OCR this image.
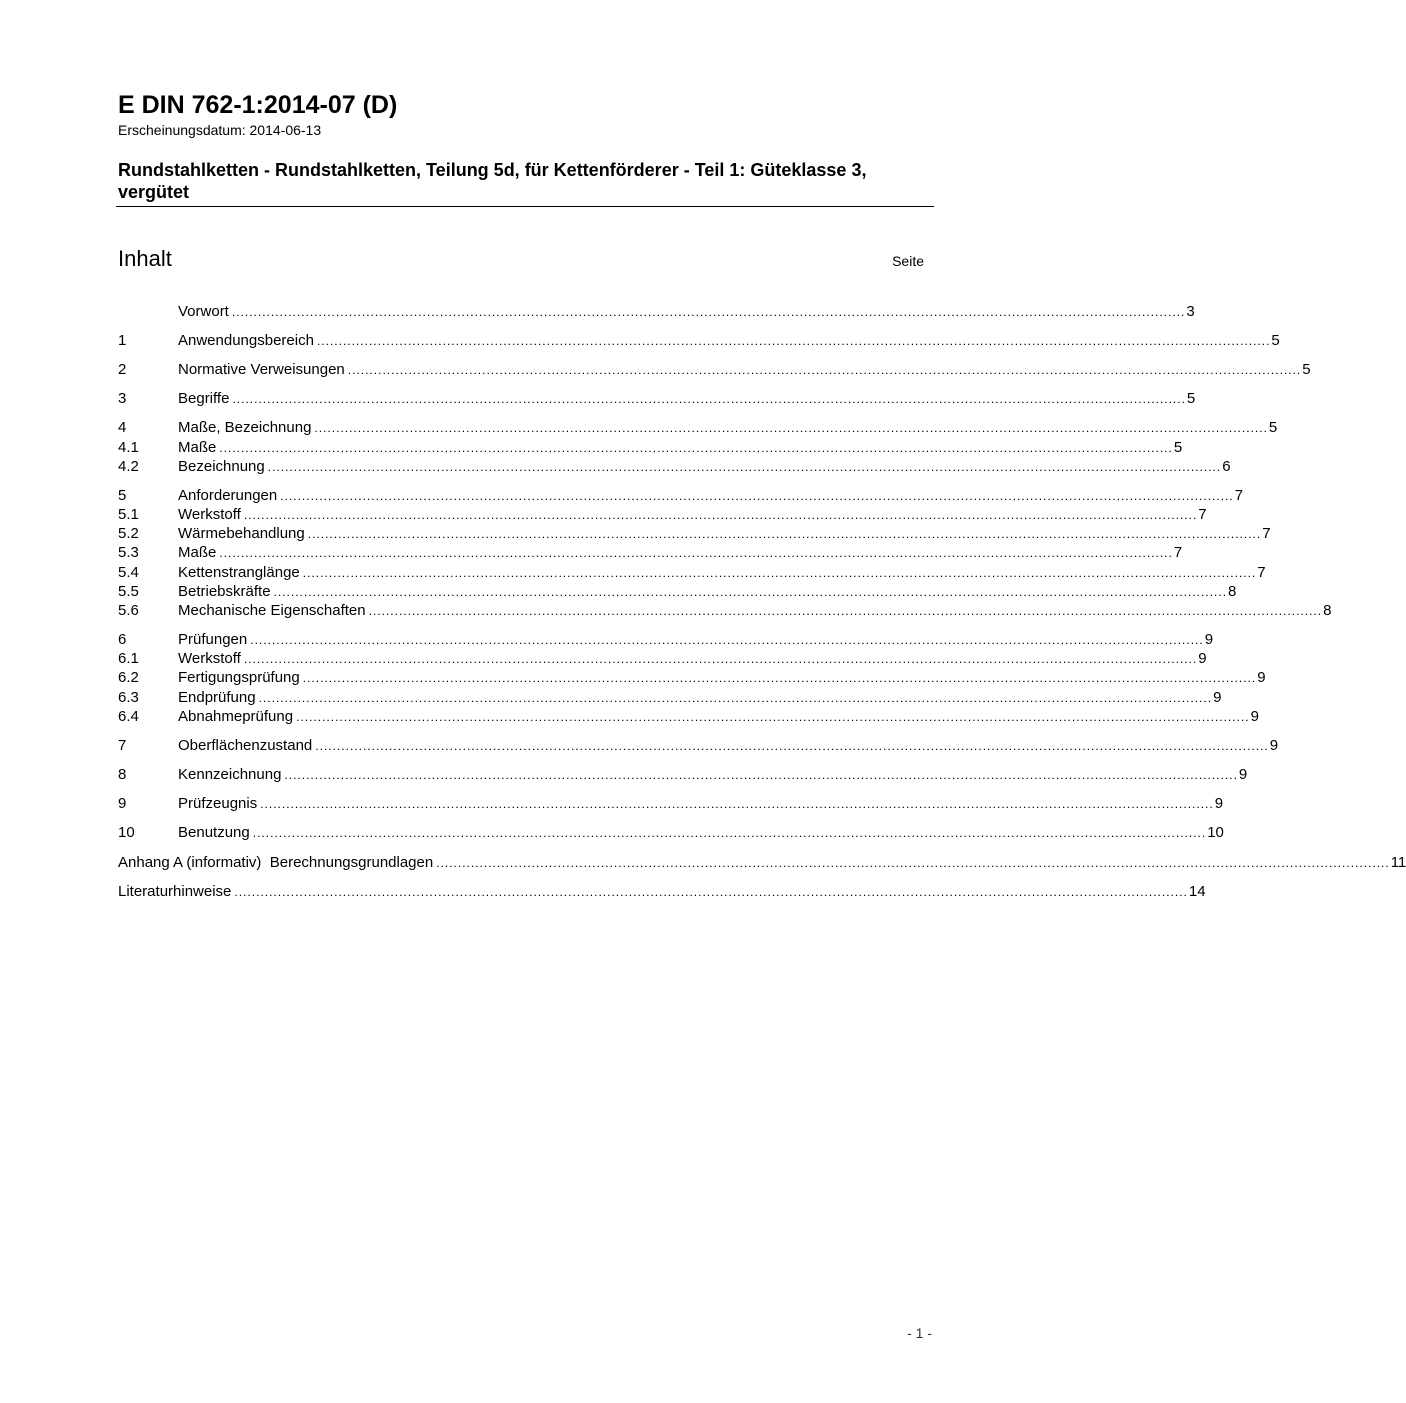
E DIN 762-1:2014-07 (D)
Erscheinungsdatum: 2014-06-13
Rundstahlketten - Rundstahlketten, Teilung 5d, für Kettenförderer - Teil 1: Güteklasse 3, vergütet
Inhalt	Seite
Vorwort ............................................................................................................................................................................................................................ 3
1	Anwendungsbereich ............................................................................................................................................................................................................................ 5
2	Normative Verweisungen ............................................................................................................................................................................................................................ 5
3	Begriffe ............................................................................................................................................................................................................................ 5
4	Maße, Bezeichnung ............................................................................................................................................................................................................................ 5
4.1	Maße ............................................................................................................................................................................................................................ 5
4.2	Bezeichnung ............................................................................................................................................................................................................................ 6
5	Anforderungen ............................................................................................................................................................................................................................ 7
5.1	Werkstoff ............................................................................................................................................................................................................................ 7
5.2	Wärmebehandlung ............................................................................................................................................................................................................................ 7
5.3	Maße ............................................................................................................................................................................................................................ 7
5.4	Kettenstranglänge ............................................................................................................................................................................................................................ 7
5.5	Betriebskräfte ............................................................................................................................................................................................................................ 8
5.6	Mechanische Eigenschaften ............................................................................................................................................................................................................................ 8
6	Prüfungen ............................................................................................................................................................................................................................ 9
6.1	Werkstoff ............................................................................................................................................................................................................................ 9
6.2	Fertigungsprüfung ............................................................................................................................................................................................................................ 9
6.3	Endprüfung ............................................................................................................................................................................................................................ 9
6.4	Abnahmeprüfung ............................................................................................................................................................................................................................ 9
7	Oberflächenzustand ............................................................................................................................................................................................................................ 9
8	Kennzeichnung ............................................................................................................................................................................................................................ 9
9	Prüfzeugnis ............................................................................................................................................................................................................................ 9
10	Benutzung ............................................................................................................................................................................................................................ 10
Anhang A (informativ)  Berechnungsgrundlagen ............................................................................................................................................................................................................................ 11
Literaturhinweise ............................................................................................................................................................................................................................ 14
- 1 -
